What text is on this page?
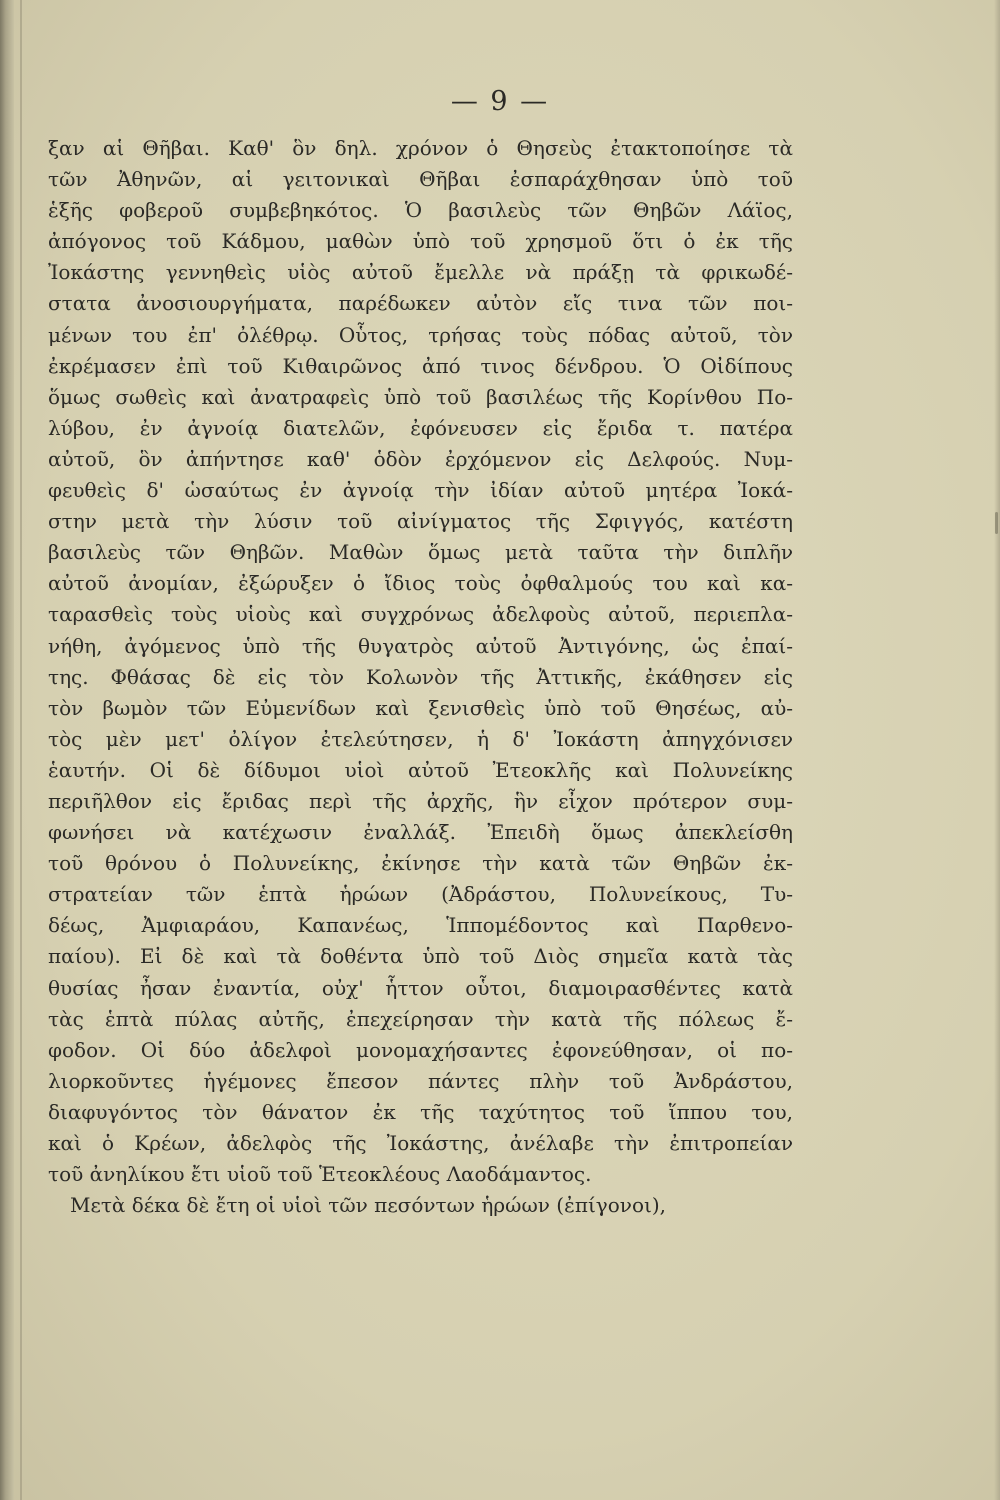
— 9 —
ξαν αἱ Θῆβαι. Καθ' ὃν δηλ. χρόνον ὁ Θησεὺς ἐτακτοποίησε τὰ
τῶν Ἀθηνῶν, αἱ γειτονικαὶ Θῆβαι ἐσπαράχθησαν ὑπὸ τοῦ
ἑξῆς φοβεροῦ συμβεβηκότος. Ὁ βασιλεὺς τῶν Θηβῶν Λάϊος,
ἀπόγονος τοῦ Κάδμου, μαθὼν ὑπὸ τοῦ χρησμοῦ ὅτι ὁ ἐκ τῆς
Ἰοκάστης γεννηθεὶς υἱὸς αὐτοῦ ἔμελλε νὰ πράξῃ τὰ φρικωδέ-
στατα ἀνοσιουργήματα, παρέδωκεν αὐτὸν εἴς τινα τῶν ποι-
μένων του ἐπ' ὀλέθρῳ. Οὗτος, τρήσας τοὺς πόδας αὐτοῦ, τὸν
ἐκρέμασεν ἐπὶ τοῦ Κιθαιρῶνος ἀπό τινος δένδρου. Ὁ Οἰδίπους
ὅμως σωθεὶς καὶ ἀνατραφεὶς ὑπὸ τοῦ βασιλέως τῆς Κορίνθου Πο-
λύβου, ἐν ἀγνοίᾳ διατελῶν, ἐφόνευσεν εἰς ἔριδα τ. πατέρα
αὐτοῦ, ὃν ἀπήντησε καθ' ὁδὸν ἐρχόμενον εἰς Δελφούς. Νυμ-
φευθεὶς δ' ὡσαύτως ἐν ἀγνοίᾳ τὴν ἰδίαν αὐτοῦ μητέρα Ἰοκά-
στην μετὰ τὴν λύσιν τοῦ αἰνίγματος τῆς Σφιγγός, κατέστη
βασιλεὺς τῶν Θηβῶν. Μαθὼν ὅμως μετὰ ταῦτα τὴν διπλῆν
αὐτοῦ ἀνομίαν, ἐξώρυξεν ὁ ἴδιος τοὺς ὀφθαλμούς του καὶ κα-
ταρασθεὶς τοὺς υἱοὺς καὶ συγχρόνως ἀδελφοὺς αὐτοῦ, περιεπλα-
νήθη, ἀγόμενος ὑπὸ τῆς θυγατρὸς αὐτοῦ Ἀντιγόνης, ὡς ἐπαί-
της. Φθάσας δὲ εἰς τὸν Κολωνὸν τῆς Ἀττικῆς, ἐκάθησεν εἰς
τὸν βωμὸν τῶν Εὐμενίδων καὶ ξενισθεὶς ὑπὸ τοῦ Θησέως, αὐ-
τὸς μὲν μετ' ὀλίγον ἐτελεύτησεν, ἡ δ' Ἰοκάστη ἀπηγχόνισεν
ἑαυτήν. Οἱ δὲ δίδυμοι υἱοὶ αὐτοῦ Ἐτεοκλῆς καὶ Πολυνείκης
περιῆλθον εἰς ἔριδας περὶ τῆς ἀρχῆς, ἣν εἶχον πρότερον συμ-
φωνήσει νὰ κατέχωσιν ἐναλλάξ. Ἐπειδὴ ὅμως ἀπεκλείσθη
τοῦ θρόνου ὁ Πολυνείκης, ἐκίνησε τὴν κατὰ τῶν Θηβῶν ἐκ-
στρατείαν τῶν ἑπτὰ ἡρώων (Ἀδράστου, Πολυνείκους, Τυ-
δέως, Ἀμφιαράου, Καπανέως, Ἱππομέδοντος καὶ Παρθενο-
παίου). Εἰ δὲ καὶ τὰ δοθέντα ὑπὸ τοῦ Διὸς σημεῖα κατὰ τὰς
θυσίας ἦσαν ἐναντία, οὐχ' ἧττον οὗτοι, διαμοιρασθέντες κατὰ
τὰς ἑπτὰ πύλας αὐτῆς, ἐπεχείρησαν τὴν κατὰ τῆς πόλεως ἔ-
φοδον. Οἱ δύο ἀδελφοὶ μονομαχήσαντες ἐφονεύθησαν, οἱ πο-
λιορκοῦντες ἡγέμονες ἔπεσον πάντες πλὴν τοῦ Ἀνδράστου,
διαφυγόντος τὸν θάνατον ἐκ τῆς ταχύτητος τοῦ ἵππου του,
καὶ ὁ Κρέων, ἀδελφὸς τῆς Ἰοκάστης, ἀνέλαβε τὴν ἐπιτροπείαν
τοῦ ἀνηλίκου ἔτι υἱοῦ τοῦ Ἑτεοκλέους Λαοδάμαντος.
Μετὰ δέκα δὲ ἔτη οἱ υἱοὶ τῶν πεσόντων ἡρώων (ἐπίγονοι),
